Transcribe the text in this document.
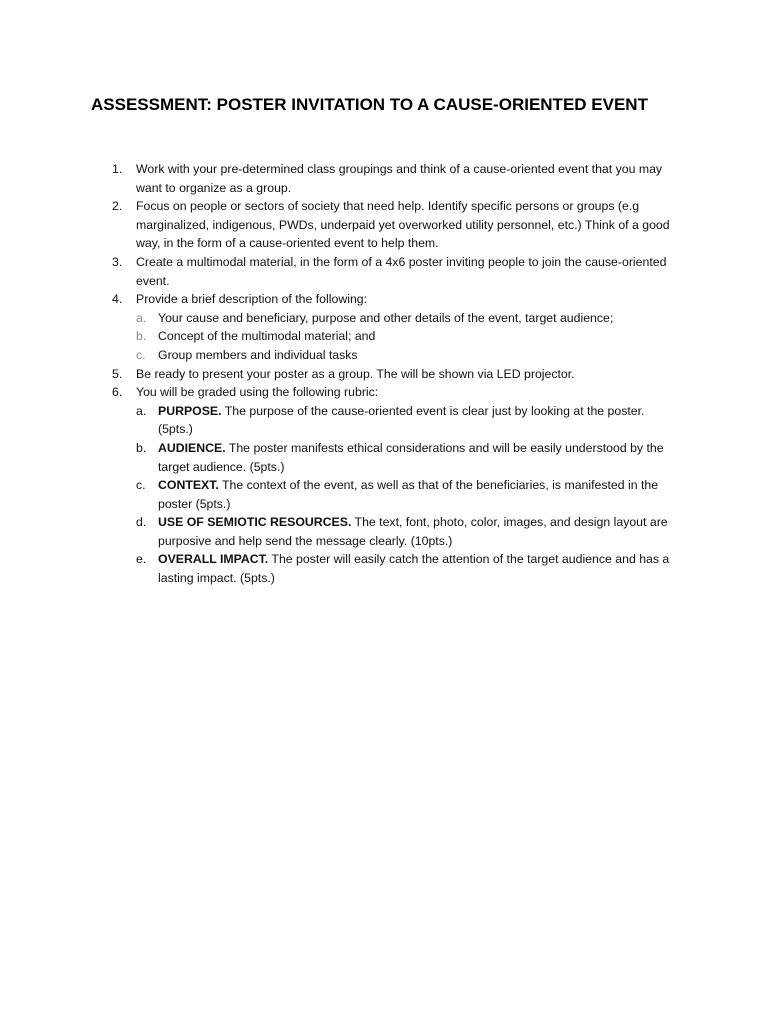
ASSESSMENT: POSTER INVITATION TO A CAUSE-ORIENTED EVENT
1.	Work with your pre-determined class groupings and think of a cause-oriented event that you may want to organize as a group.
2.	Focus on people or sectors of society that need help. Identify specific persons or groups (e.g marginalized, indigenous, PWDs, underpaid yet overworked utility personnel, etc.) Think of a good way, in the form of a cause-oriented event to help them.
3.	Create a multimodal material, in the form of a 4x6 poster inviting people to join the cause-oriented event.
4.	Provide a brief description of the following:
a. Your cause and beneficiary, purpose and other details of the event, target audience;
b. Concept of the multimodal material; and
c.	Group members and individual tasks
5.	Be ready to present your poster as a group. The will be shown via LED projector.
6.	You will be graded using the following rubric:
a. PURPOSE. The purpose of the cause-oriented event is clear just by looking at the poster. (5pts.)
b. AUDIENCE. The poster manifests ethical considerations and will be easily understood by the target audience. (5pts.)
c.	CONTEXT. The context of the event, as well as that of the beneficiaries, is manifested in the poster (5pts.)
d. USE OF SEMIOTIC RESOURCES. The text, font, photo, color, images, and design layout are purposive and help send the message clearly. (10pts.)
e. OVERALL IMPACT. The poster will easily catch the attention of the target audience and has a lasting impact. (5pts.)
